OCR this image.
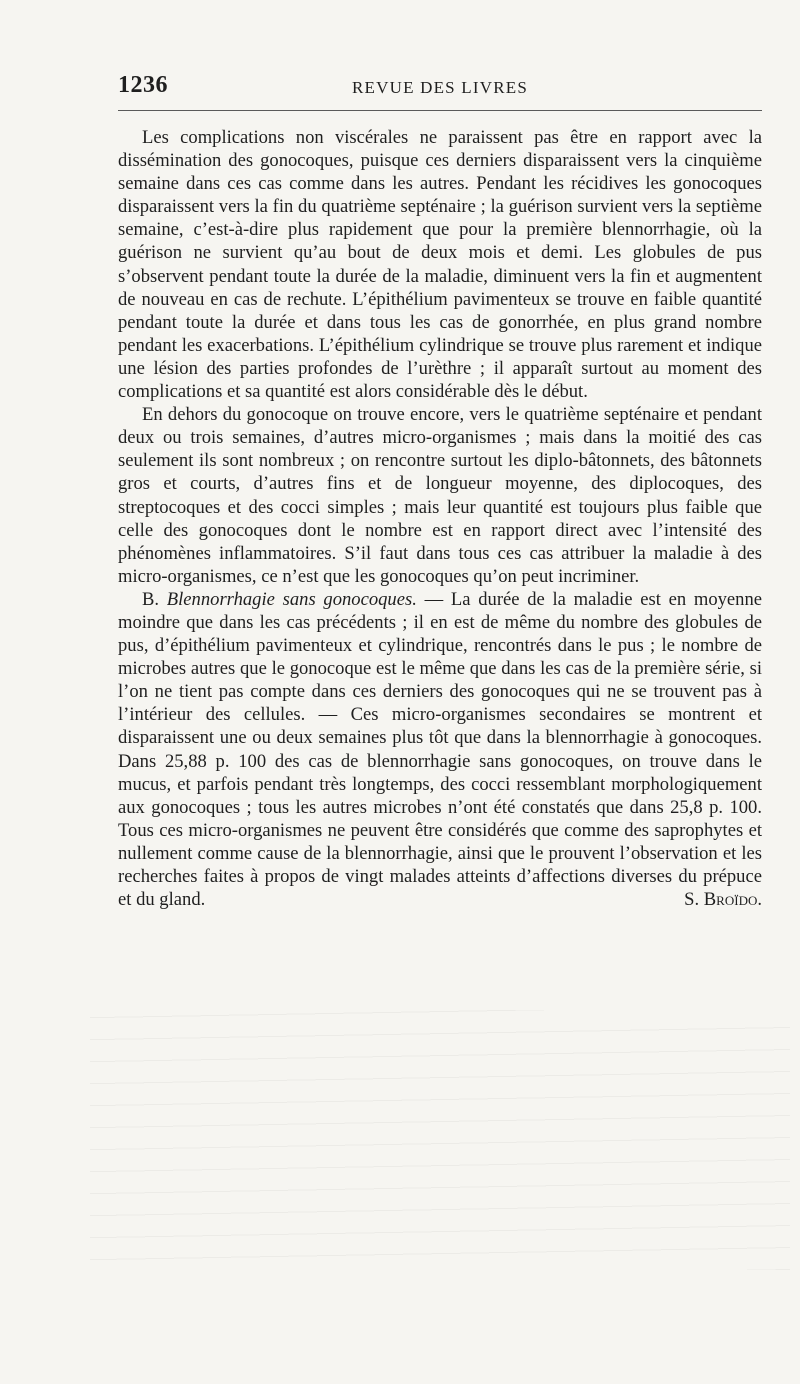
1236	REVUE DES LIVRES

Les complications non viscérales ne paraissent pas être en rapport avec la dissémination des gonocoques, puisque ces derniers disparaissent vers la cinquième semaine dans ces cas comme dans les autres. Pendant les récidives les gonocoques disparaissent vers la fin du quatrième septénaire ; la guérison survient vers la septième semaine, c’est-à-dire plus rapidement que pour la première blennorrhagie, où la guérison ne survient qu’au bout de deux mois et demi. Les globules de pus s’observent pendant toute la durée de la maladie, diminuent vers la fin et augmentent de nouveau en cas de rechute. L’épithélium pavimenteux se trouve en faible quantité pendant toute la durée et dans tous les cas de gonorrhée, en plus grand nombre pendant les exacerbations. L’épithélium cylindrique se trouve plus rarement et indique une lésion des parties profondes de l’urèthre ; il apparaît surtout au moment des complications et sa quantité est alors considérable dès le début.

En dehors du gonocoque on trouve encore, vers le quatrième septénaire et pendant deux ou trois semaines, d’autres micro-organismes ; mais dans la moitié des cas seulement ils sont nombreux ; on rencontre surtout les diplo-bâtonnets, des bâtonnets gros et courts, d’autres fins et de longueur moyenne, des diplocoques, des streptocoques et des cocci simples ; mais leur quantité est toujours plus faible que celle des gonocoques dont le nombre est en rapport direct avec l’intensité des phénomènes inflammatoires. S’il faut dans tous ces cas attribuer la maladie à des micro-organismes, ce n’est que les gonocoques qu’on peut incriminer.

B. Blennorrhagie sans gonocoques. — La durée de la maladie est en moyenne moindre que dans les cas précédents ; il en est de même du nombre des globules de pus, d’épithélium pavimenteux et cylindrique, rencontrés dans le pus ; le nombre de microbes autres que le gonocoque est le même que dans les cas de la première série, si l’on ne tient pas compte dans ces derniers des gonocoques qui ne se trouvent pas à l’intérieur des cellules. — Ces micro-organismes secondaires se montrent et disparaissent une ou deux semaines plus tôt que dans la blennorrhagie à gonocoques. Dans 25,88 p. 100 des cas de blennorrhagie sans gonocoques, on trouve dans le mucus, et parfois pendant très longtemps, des cocci ressemblant morphologiquement aux gonocoques ; tous les autres microbes n’ont été constatés que dans 25,8 p. 100. Tous ces micro-organismes ne peuvent être considérés que comme des saprophytes et nullement comme cause de la blennorrhagie, ainsi que le prouvent l’observation et les recherches faites à propos de vingt malades atteints d’affections diverses du prépuce et du gland.	S. Broïdo.
